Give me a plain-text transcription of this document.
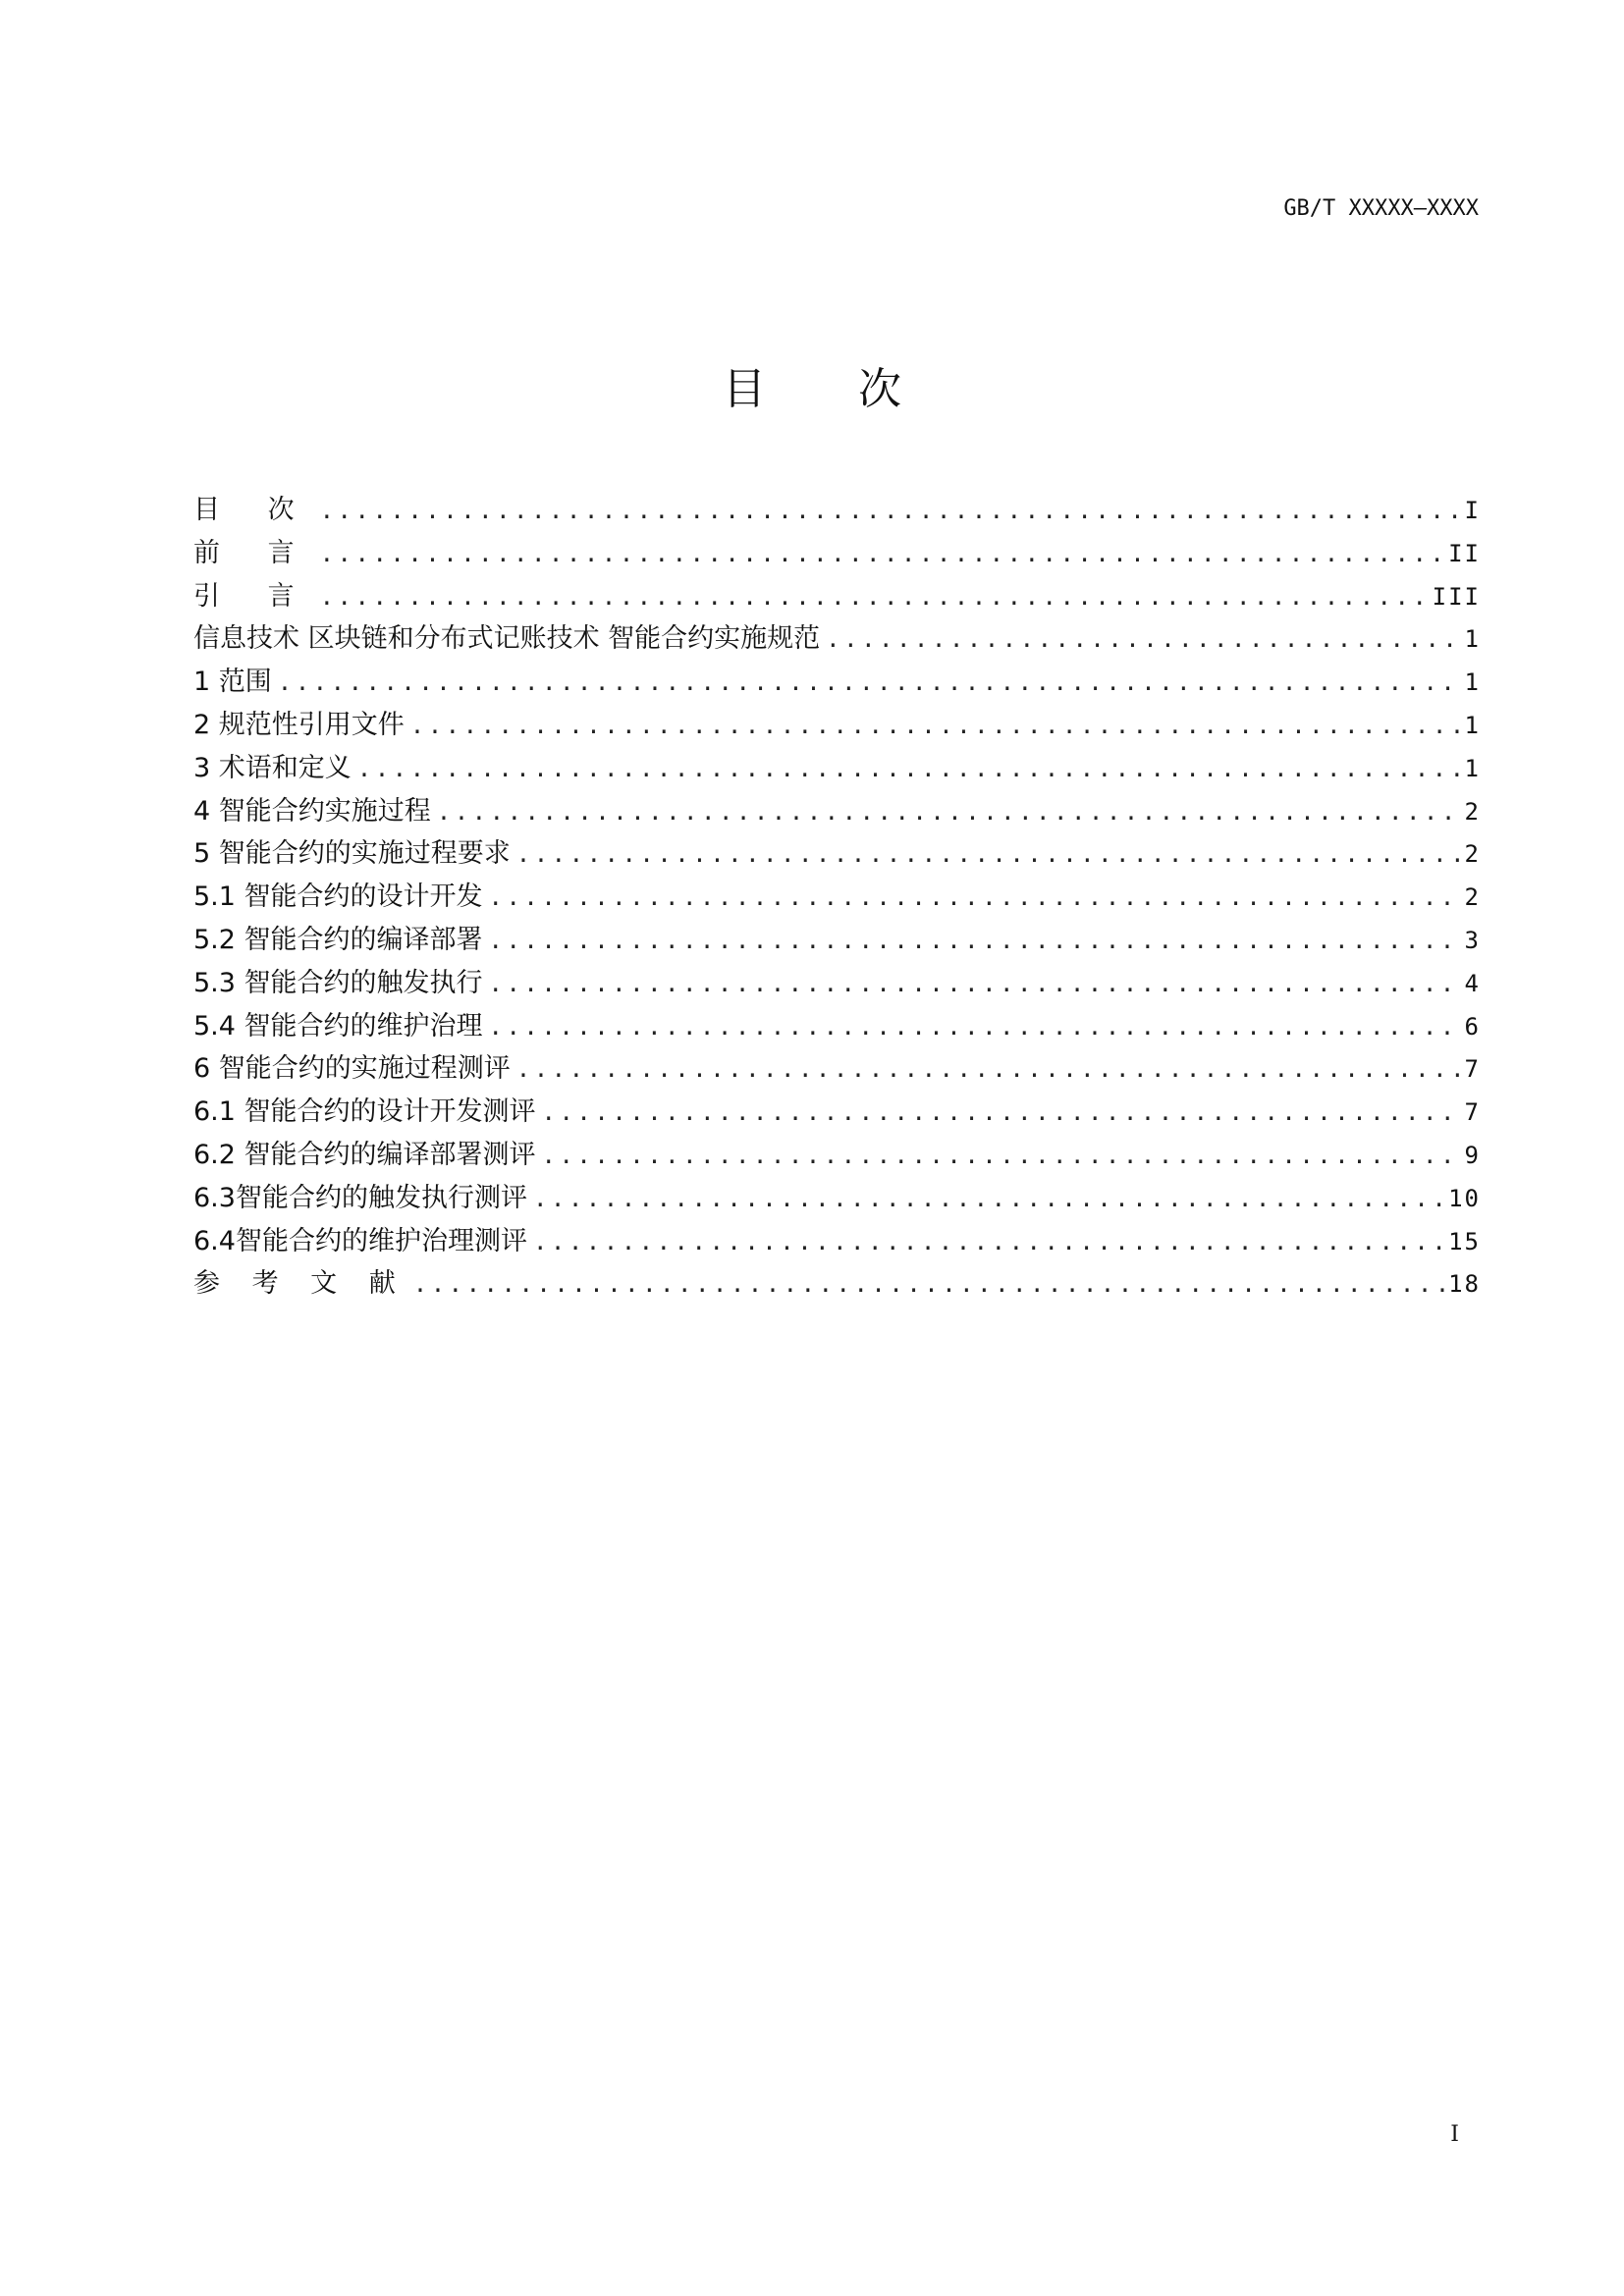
GB/T XXXXX—XXXX
目 次
目 次 .....	I
前 言 .....	II
引 言 .....	III
信息技术 区块链和分布式记账技术 智能合约实施规范 .....	1
1 范围 .....	1
2 规范性引用文件 .....	1
3 术语和定义 .....	1
4 智能合约实施过程 .....	2
5 智能合约的实施过程要求 .....	2
5.1 智能合约的设计开发 .....	2
5.2 智能合约的编译部署 .....	3
5.3 智能合约的触发执行 .....	4
5.4 智能合约的维护治理 .....	6
6 智能合约的实施过程测评 .....	7
6.1 智能合约的设计开发测评 .....	7
6.2 智能合约的编译部署测评 .....	9
6.3智能合约的触发执行测评 .....	10
6.4智能合约的维护治理测评 .....	15
参 考 文 献 .....	18
I
